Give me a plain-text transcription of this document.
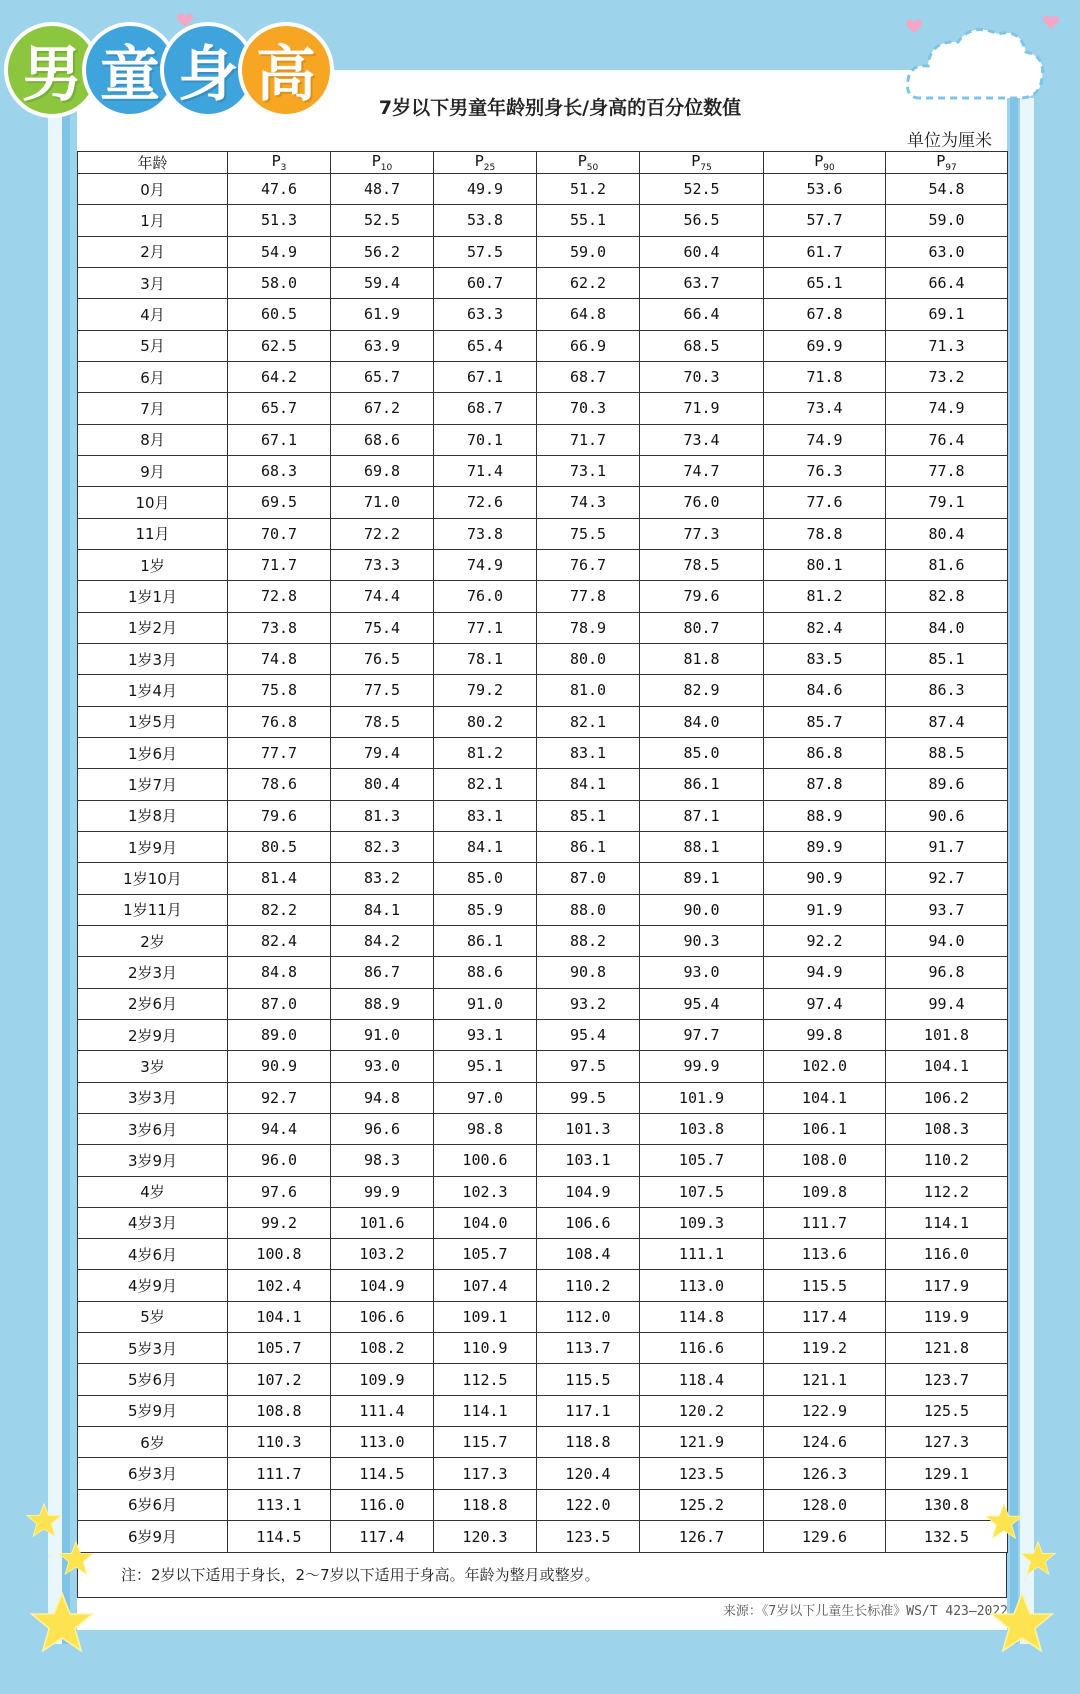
男 童 身 高	7岁以下男童年龄别身长/身高的百分位数值
单位为厘米
年龄	$P_3$	$P_{10}$	$P_{25}$	$P_{50}$	$P_{75}$	$P_{90}$	$P_{97}$
0月	47.6	48.7	49.9	51.2	52.5	53.6	54.8
1月	51.3	52.5	53.8	55.1	56.5	57.7	59.0
2月	54.9	56.2	57.5	59.0	60.4	61.7	63.0
3月	58.0	59.4	60.7	62.2	63.7	65.1	66.4
4月	60.5	61.9	63.3	64.8	66.4	67.8	69.1
5月	62.5	63.9	65.4	66.9	68.5	69.9	71.3
6月	64.2	65.7	67.1	68.7	70.3	71.8	73.2
7月	65.7	67.2	68.7	70.3	71.9	73.4	74.9
8月	67.1	68.6	70.1	71.7	73.4	74.9	76.4
9月	68.3	69.8	71.4	73.1	74.7	76.3	77.8
10月	69.5	71.0	72.6	74.3	76.0	77.6	79.1
11月	70.7	72.2	73.8	75.5	77.3	78.8	80.4
1岁	71.7	73.3	74.9	76.7	78.5	80.1	81.6
1岁1月	72.8	74.4	76.0	77.8	79.6	81.2	82.8
1岁2月	73.8	75.4	77.1	78.9	80.7	82.4	84.0
1岁3月	74.8	76.5	78.1	80.0	81.8	83.5	85.1
1岁4月	75.8	77.5	79.2	81.0	82.9	84.6	86.3
1岁5月	76.8	78.5	80.2	82.1	84.0	85.7	87.4
1岁6月	77.7	79.4	81.2	83.1	85.0	86.8	88.5
1岁7月	78.6	80.4	82.1	84.1	86.1	87.8	89.6
1岁8月	79.6	81.3	83.1	85.1	87.1	88.9	90.6
1岁9月	80.5	82.3	84.1	86.1	88.1	89.9	91.7
1岁10月	81.4	83.2	85.0	87.0	89.1	90.9	92.7
1岁11月	82.2	84.1	85.9	88.0	90.0	91.9	93.7
2岁	82.4	84.2	86.1	88.2	90.3	92.2	94.0
2岁3月	84.8	86.7	88.6	90.8	93.0	94.9	96.8
2岁6月	87.0	88.9	91.0	93.2	95.4	97.4	99.4
2岁9月	89.0	91.0	93.1	95.4	97.7	99.8	101.8
3岁	90.9	93.0	95.1	97.5	99.9	102.0	104.1
3岁3月	92.7	94.8	97.0	99.5	101.9	104.1	106.2
3岁6月	94.4	96.6	98.8	101.3	103.8	106.1	108.3
3岁9月	96.0	98.3	100.6	103.1	105.7	108.0	110.2
4岁	97.6	99.9	102.3	104.9	107.5	109.8	112.2
4岁3月	99.2	101.6	104.0	106.6	109.3	111.7	114.1
4岁6月	100.8	103.2	105.7	108.4	111.1	113.6	116.0
4岁9月	102.4	104.9	107.4	110.2	113.0	115.5	117.9
5岁	104.1	106.6	109.1	112.0	114.8	117.4	119.9
5岁3月	105.7	108.2	110.9	113.7	116.6	119.2	121.8
5岁6月	107.2	109.9	112.5	115.5	118.4	121.1	123.7
5岁9月	108.8	111.4	114.1	117.1	120.2	122.9	125.5
6岁	110.3	113.0	115.7	118.8	121.9	124.6	127.3
6岁3月	111.7	114.5	117.3	120.4	123.5	126.3	129.1
6岁6月	113.1	116.0	118.8	122.0	125.2	128.0	130.8
6岁9月	114.5	117.4	120.3	123.5	126.7	129.6	132.5
注：2岁以下适用于身长，2～7岁以下适用于身高。年龄为整月或整岁。
来源：《7岁以下儿童生长标准》WS/T 423—2022
